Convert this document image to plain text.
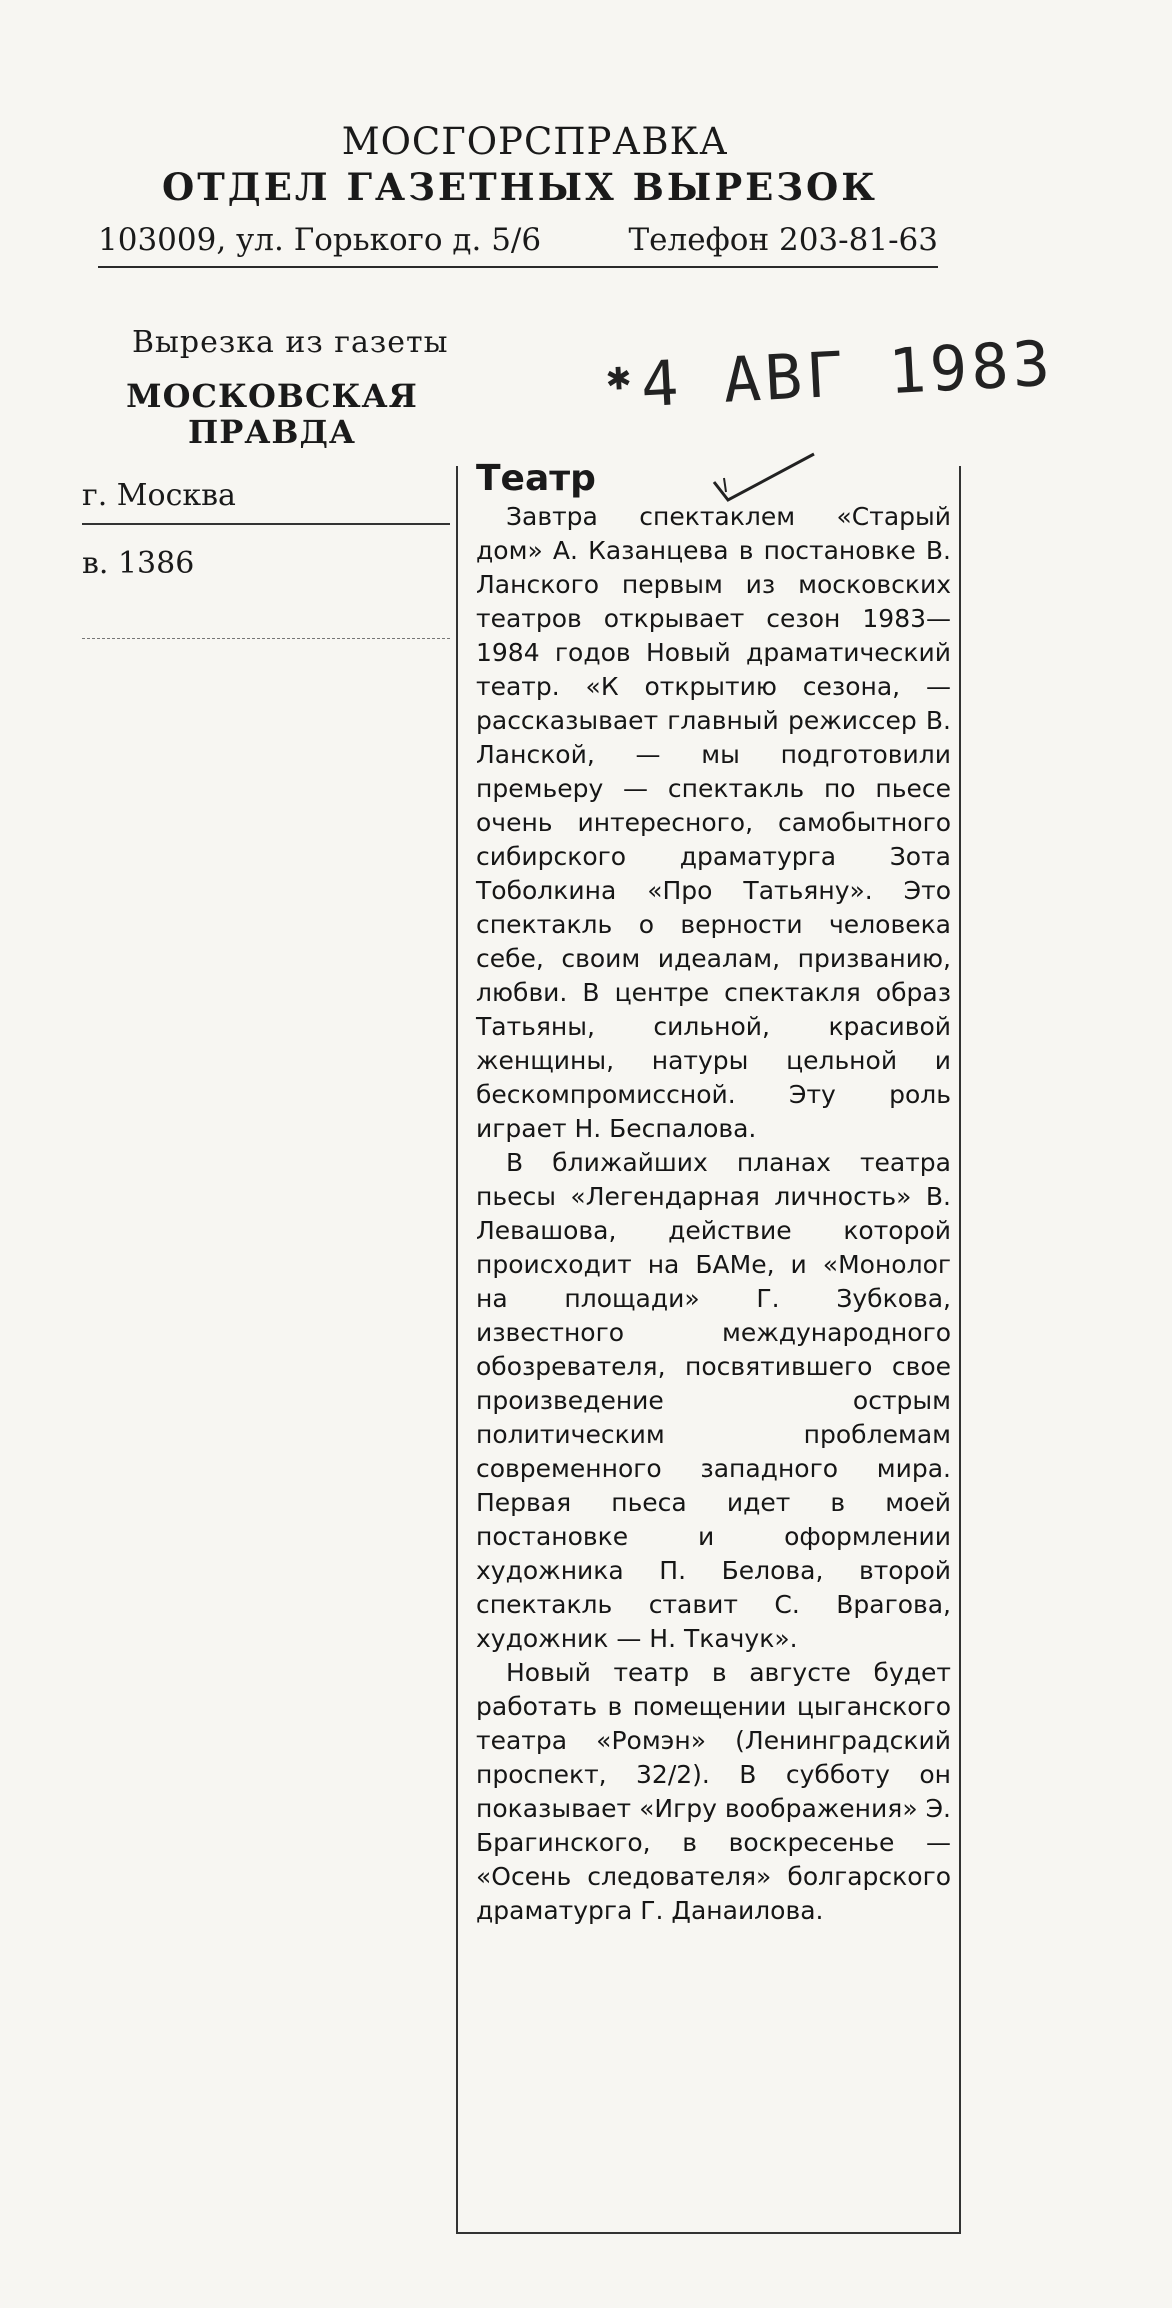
МОСГОРСПРАВКА
ОТДЕЛ ГАЗЕТНЫХ ВЫРЕЗОК
103009, ул. Горького д. 5/6	Телефон 203-81-63
Вырезка из газеты
МОСКОВСКАЯ ПРАВДА
г. Москва
в. 1386
✱4 АВГ 1983
Театр

Завтра спектаклем «Старый дом» А. Казанцева в постановке В. Ланского первым из московских театров открывает сезон 1983—1984 годов Новый драматический театр. «К открытию сезона, — рассказывает главный режиссер В. Ланской, — мы подготовили премьеру — спектакль по пьесе очень интересного, самобытного сибирского драматурга Зота Тоболкина «Про Татьяну». Это спектакль о верности человека себе, своим идеалам, призванию, любви. В центре спектакля образ Татьяны, сильной, красивой женщины, натуры цельной и бескомпромиссной. Эту роль играет Н. Беспалова.

В ближайших планах театра пьесы «Легендарная личность» В. Левашова, действие которой происходит на БАМе, и «Монолог на площади» Г. Зубкова, известного международного обозревателя, посвятившего свое произведение острым политическим проблемам современного западного мира. Первая пьеса идет в моей постановке и оформлении художника П. Белова, второй спектакль ставит С. Врагова, художник — Н. Ткачук».

Новый театр в августе будет работать в помещении цыганского театра «Ромэн» (Ленинградский проспект, 32/2). В субботу он показывает «Игру воображения» Э. Брагинского, в воскресенье — «Осень следователя» болгарского драматурга Г. Данаилова.
